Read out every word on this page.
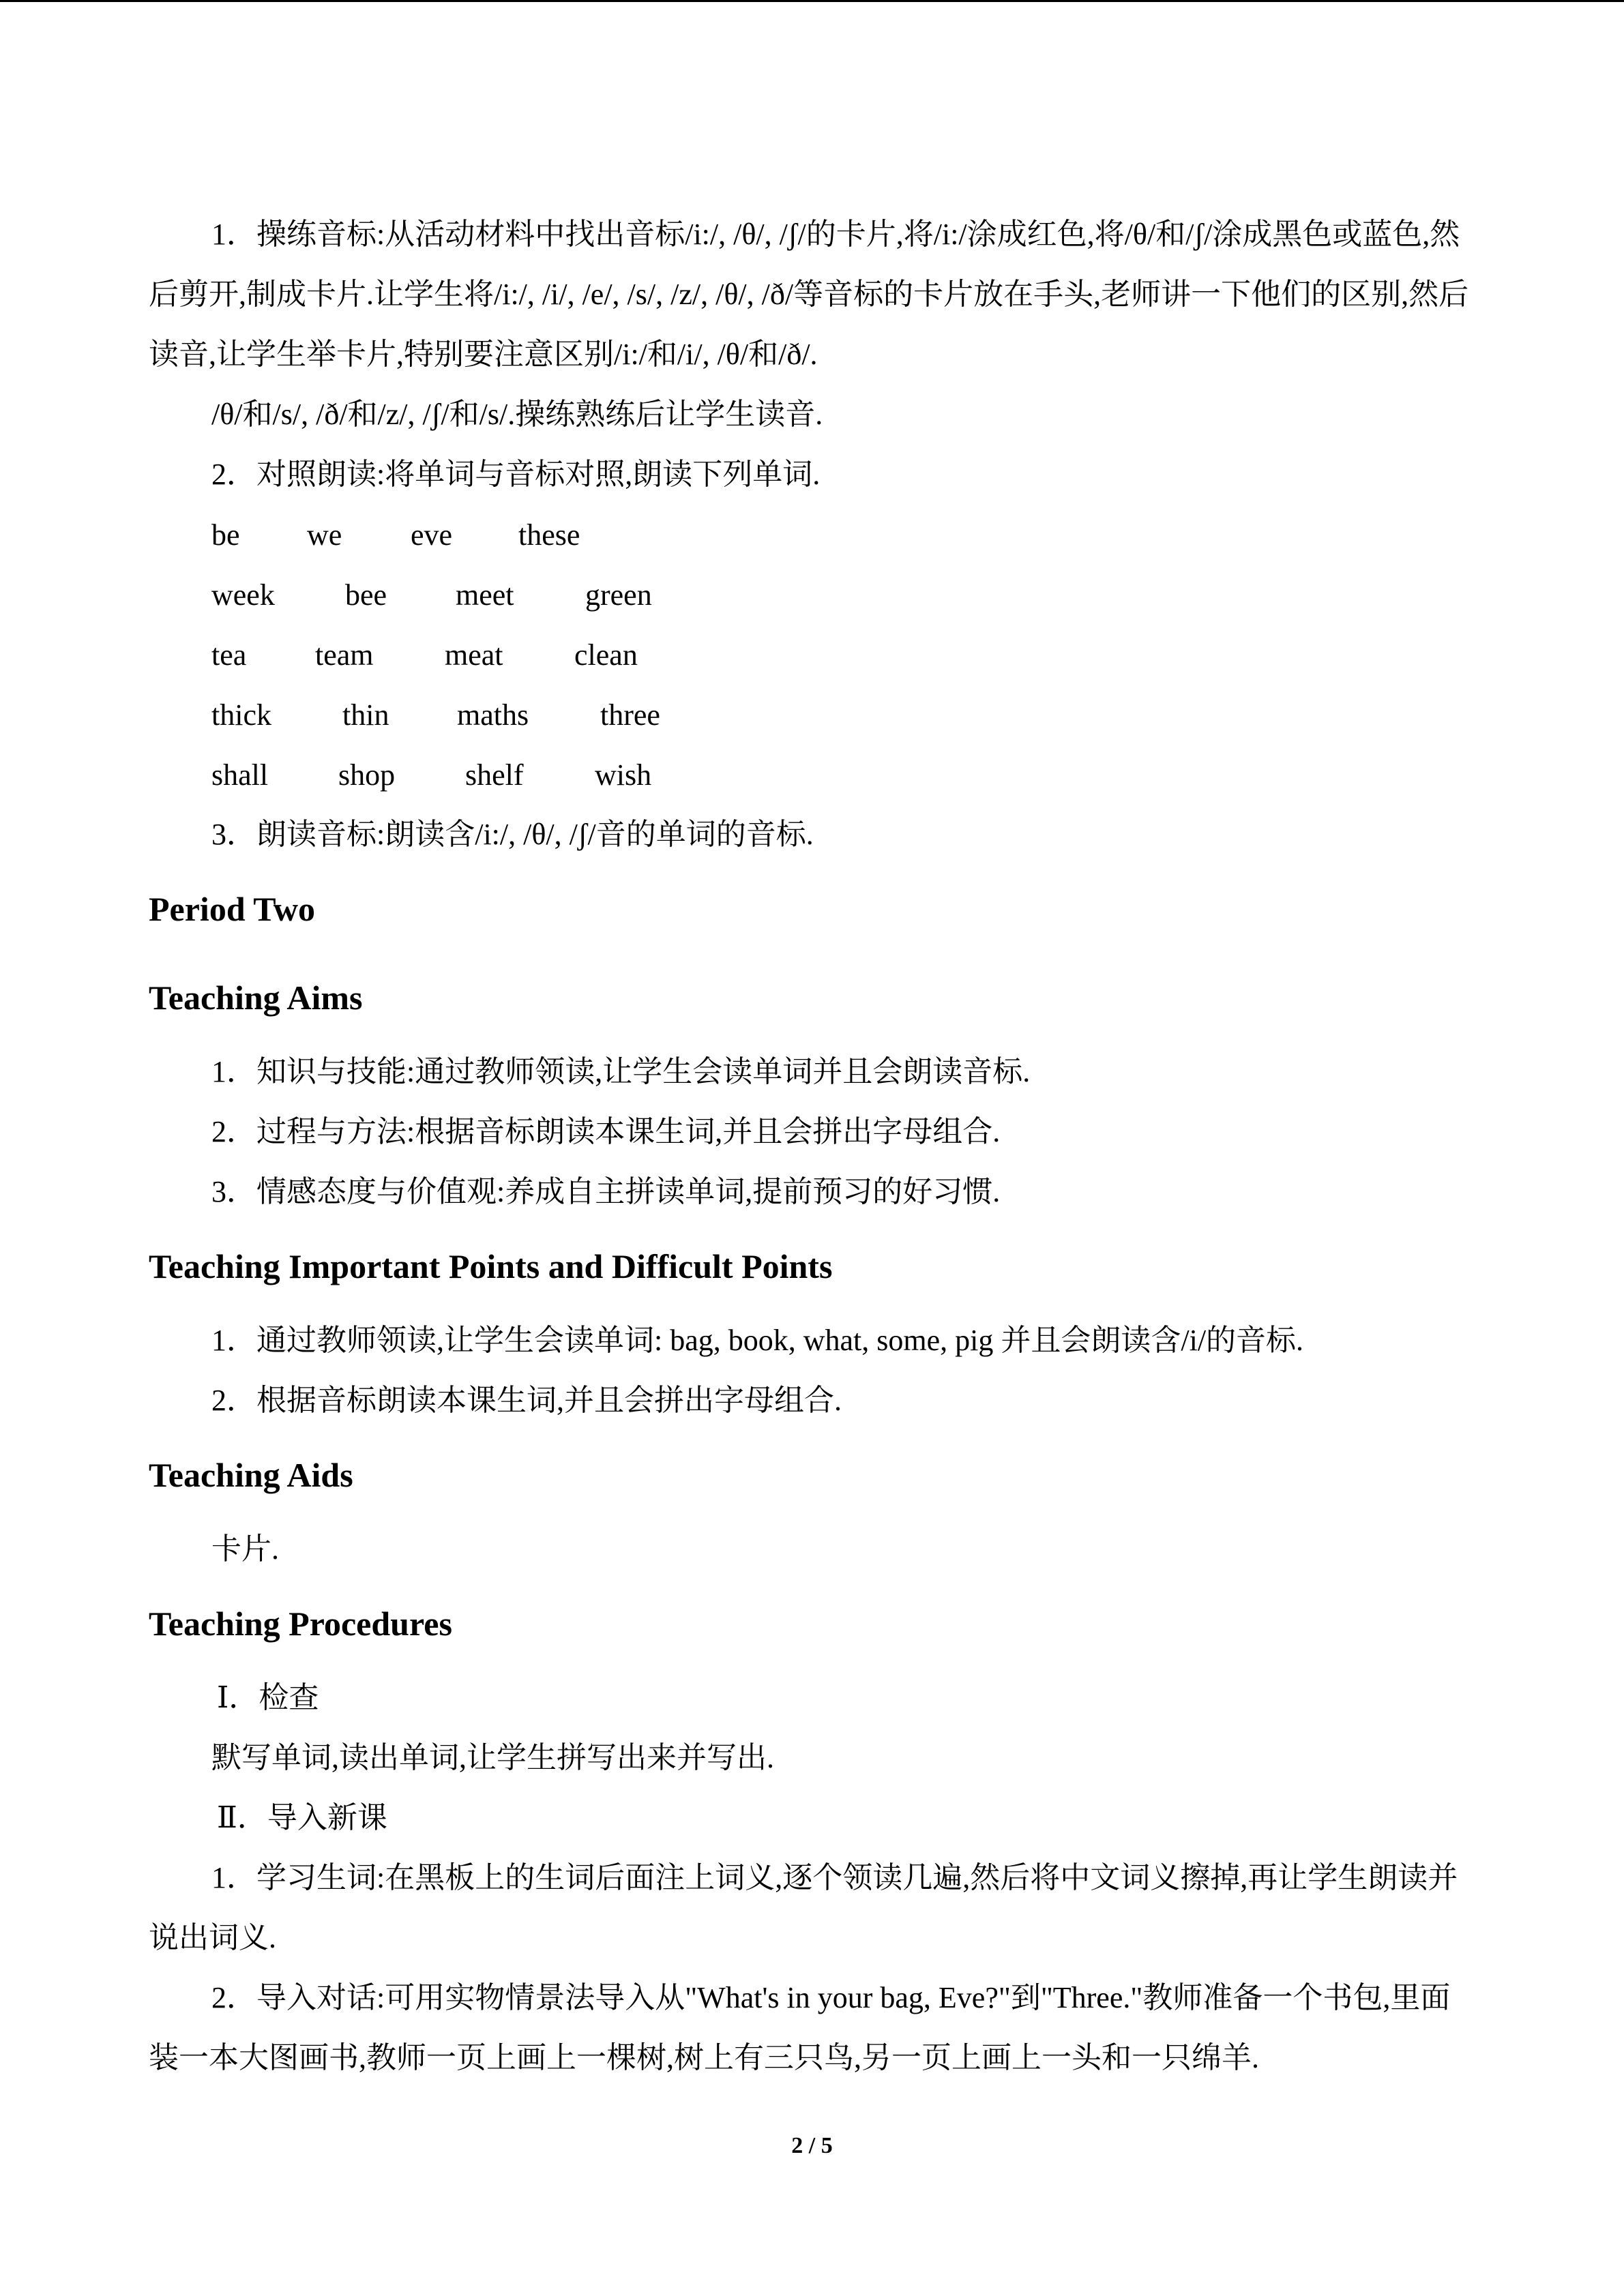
1．操练音标:从活动材料中找出音标/i:/, /θ/, /ʃ/的卡片,将/i:/涂成红色,将/θ/和/ʃ/涂成黑色或蓝色,然后剪开,制成卡片.让学生将/i:/, /i/, /e/, /s/, /z/, /θ/, /ð/等音标的卡片放在手头,老师讲一下他们的区别,然后读音,让学生举卡片,特别要注意区别/i:/和/i/, /θ/和/ð/.

/θ/和/s/, /ð/和/z/, /ʃ/和/s/.操练熟练后让学生读音.

2．对照朗读:将单词与音标对照,朗读下列单词.

be	we	eve	these
week	bee	meet	green
tea	team	meat	clean
thick	thin	maths	three
shall	shop	shelf	wish

3．朗读音标:朗读含/i:/, /θ/, /ʃ/音的单词的音标.

Period Two
Teaching Aims

1．知识与技能:通过教师领读,让学生会读单词并且会朗读音标.

2．过程与方法:根据音标朗读本课生词,并且会拼出字母组合.

3．情感态度与价值观:养成自主拼读单词,提前预习的好习惯.

Teaching Important Points and Difficult Points

1．通过教师领读,让学生会读单词: bag, book, what, some, pig 并且会朗读含/i/的音标.

2．根据音标朗读本课生词,并且会拼出字母组合.

Teaching Aids

卡片.

Teaching Procedures

Ⅰ．检查

默写单词,读出单词,让学生拼写出来并写出.

Ⅱ．导入新课

1．学习生词:在黑板上的生词后面注上词义,逐个领读几遍,然后将中文词义擦掉,再让学生朗读并说出词义.

2．导入对话:可用实物情景法导入从"What's in your bag, Eve?"到"Three."教师准备一个书包,里面装一本大图画书,教师一页上画上一棵树,树上有三只鸟,另一页上画上一头和一只绵羊.

2 / 5
